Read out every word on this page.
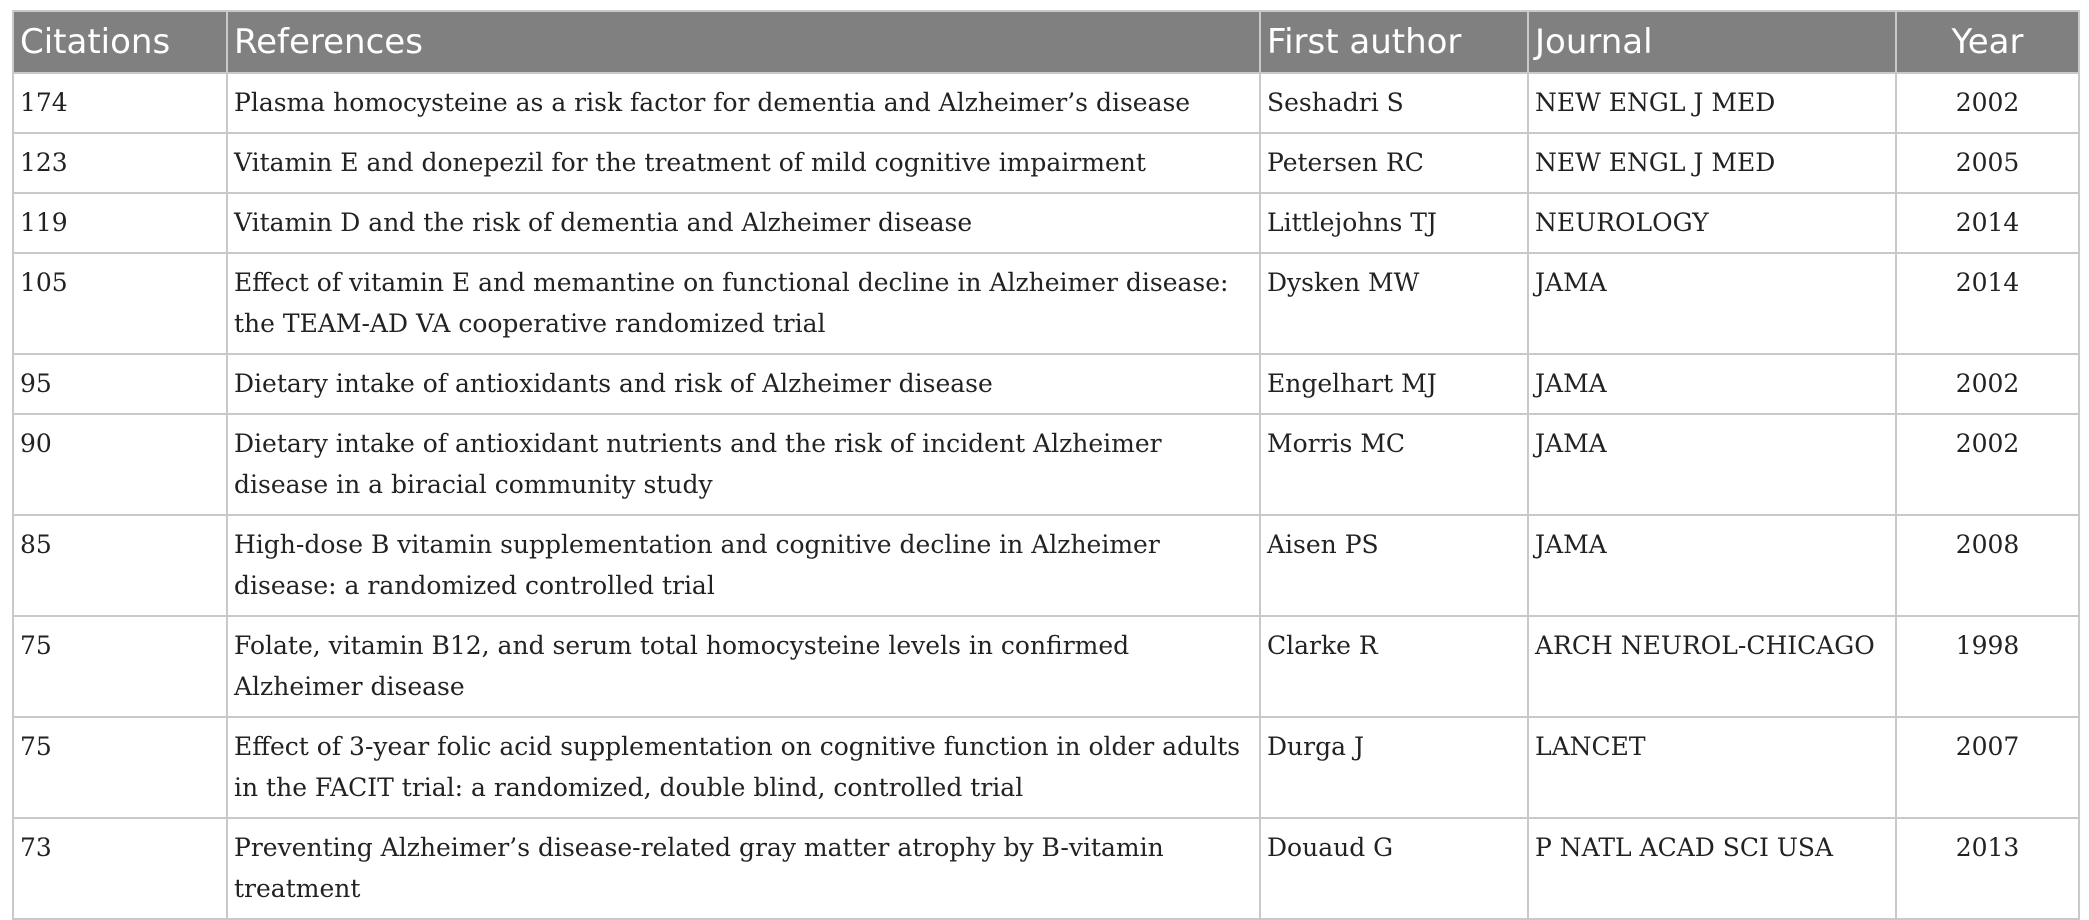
Citations	References	First author	Journal	Year
174	Plasma homocysteine as a risk factor for dementia and Alzheimer’s disease	Seshadri S	NEW ENGL J MED	2002
123	Vitamin E and donepezil for the treatment of mild cognitive impairment	Petersen RC	NEW ENGL J MED	2005
119	Vitamin D and the risk of dementia and Alzheimer disease	Littlejohns TJ	NEUROLOGY	2014
105	Effect of vitamin E and memantine on functional decline in Alzheimer disease: the TEAM-AD VA cooperative randomized trial	Dysken MW	JAMA	2014
95	Dietary intake of antioxidants and risk of Alzheimer disease	Engelhart MJ	JAMA	2002
90	Dietary intake of antioxidant nutrients and the risk of incident Alzheimer disease in a biracial community study	Morris MC	JAMA	2002
85	High-dose B vitamin supplementation and cognitive decline in Alzheimer disease: a randomized controlled trial	Aisen PS	JAMA	2008
75	Folate, vitamin B12, and serum total homocysteine levels in confirmed Alzheimer disease	Clarke R	ARCH NEUROL-CHICAGO	1998
75	Effect of 3-year folic acid supplementation on cognitive function in older adults in the FACIT trial: a randomized, double blind, controlled trial	Durga J	LANCET	2007
73	Preventing Alzheimer’s disease-related gray matter atrophy by B-vitamin treatment	Douaud G	P NATL ACAD SCI USA	2013
